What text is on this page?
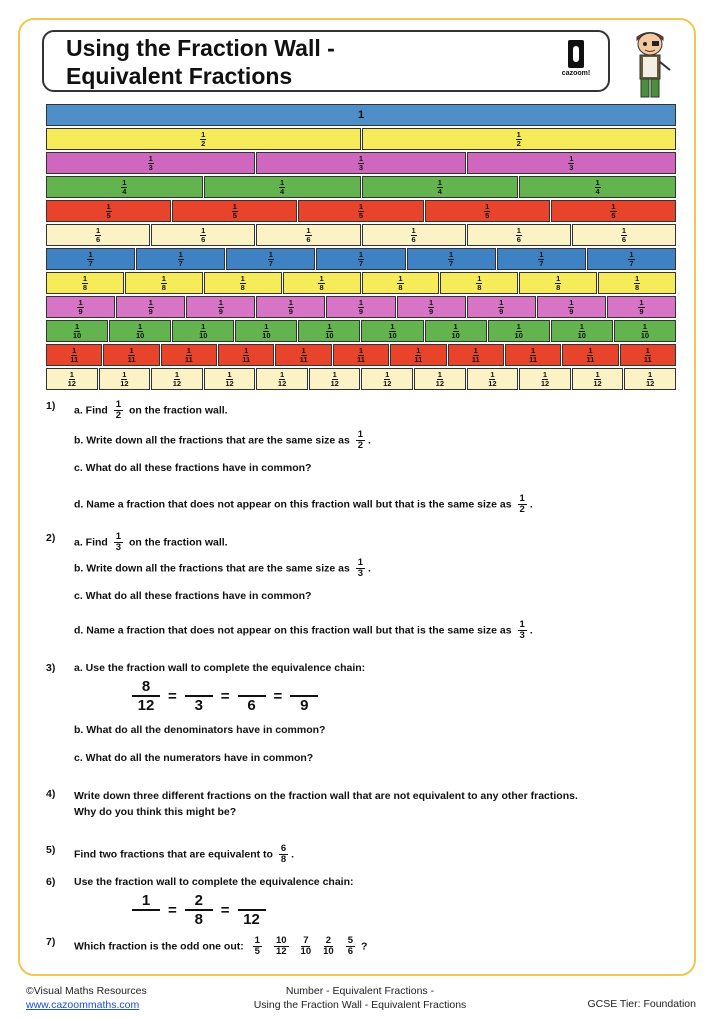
Using the Fraction Wall -
Equivalent Fractions	cazoom!
1
$\frac{1}{2}$	$\frac{1}{2}$
$\frac{1}{3}$	$\frac{1}{3}$	$\frac{1}{3}$
$\frac{1}{4}$	$\frac{1}{4}$	$\frac{1}{4}$	$\frac{1}{4}$
$\frac{1}{5}$	$\frac{1}{5}$	$\frac{1}{5}$	$\frac{1}{5}$	$\frac{1}{5}$
$\frac{1}{6}$	$\frac{1}{6}$	$\frac{1}{6}$	$\frac{1}{6}$	$\frac{1}{6}$	$\frac{1}{6}$
$\frac{1}{7}$	$\frac{1}{7}$	$\frac{1}{7}$	$\frac{1}{7}$	$\frac{1}{7}$	$\frac{1}{7}$	$\frac{1}{7}$
$\frac{1}{8}$	$\frac{1}{8}$	$\frac{1}{8}$	$\frac{1}{8}$	$\frac{1}{8}$	$\frac{1}{8}$	$\frac{1}{8}$	$\frac{1}{8}$
$\frac{1}{9}$	$\frac{1}{9}$	$\frac{1}{9}$	$\frac{1}{9}$	$\frac{1}{9}$	$\frac{1}{9}$	$\frac{1}{9}$	$\frac{1}{9}$	$\frac{1}{9}$
$\frac{1}{10}$	$\frac{1}{10}$	$\frac{1}{10}$	$\frac{1}{10}$	$\frac{1}{10}$	$\frac{1}{10}$	$\frac{1}{10}$	$\frac{1}{10}$	$\frac{1}{10}$	$\frac{1}{10}$
$\frac{1}{11}$	$\frac{1}{11}$	$\frac{1}{11}$	$\frac{1}{11}$	$\frac{1}{11}$	$\frac{1}{11}$	$\frac{1}{11}$	$\frac{1}{11}$	$\frac{1}{11}$	$\frac{1}{11}$	$\frac{1}{11}$
$\frac{1}{12}$	$\frac{1}{12}$	$\frac{1}{12}$	$\frac{1}{12}$	$\frac{1}{12}$	$\frac{1}{12}$	$\frac{1}{12}$	$\frac{1}{12}$	$\frac{1}{12}$	$\frac{1}{12}$	$\frac{1}{12}$	$\frac{1}{12}$
1)	a. Find $\frac{1}{2}$ on the fraction wall.
b. Write down all the fractions that are the same size as $\frac{1}{2}$ .
c. What do all these fractions have in common?
d. Name a fraction that does not appear on this fraction wall but that is the same size as $\frac{1}{2}$ .
2)	a. Find $\frac{1}{3}$ on the fraction wall.
b. Write down all the fractions that are the same size as $\frac{1}{3}$ .
c. What do all these fractions have in common?
d. Name a fraction that does not appear on this fraction wall but that is the same size as $\frac{1}{3}$ .
3)	a. Use the fraction wall to complete the equivalence chain:
$\frac{8}{12}$ =
3
=
6
=
9
b. What do all the denominators have in common?
c. What do all the numerators have in common?
4)	Write down three different fractions on the fraction wall that are not equivalent to any other fractions.
Why do you think this might be?
5)	Find two fractions that are equivalent to $\frac{6}{8}$ .
6)	Use the fraction wall to complete the equivalence chain:
1
= $\frac{2}{8}$ =
12
7)	Which fraction is the odd one out: $\frac{1}{5} \frac{10}{12} \frac{7}{10} \frac{2}{10} \frac{5}{6}$ ?
©Visual Maths Resources
www.cazoommaths.com
Number - Equivalent Fractions -
Using the Fraction Wall - Equivalent Fractions	GCSE Tier: Foundation
